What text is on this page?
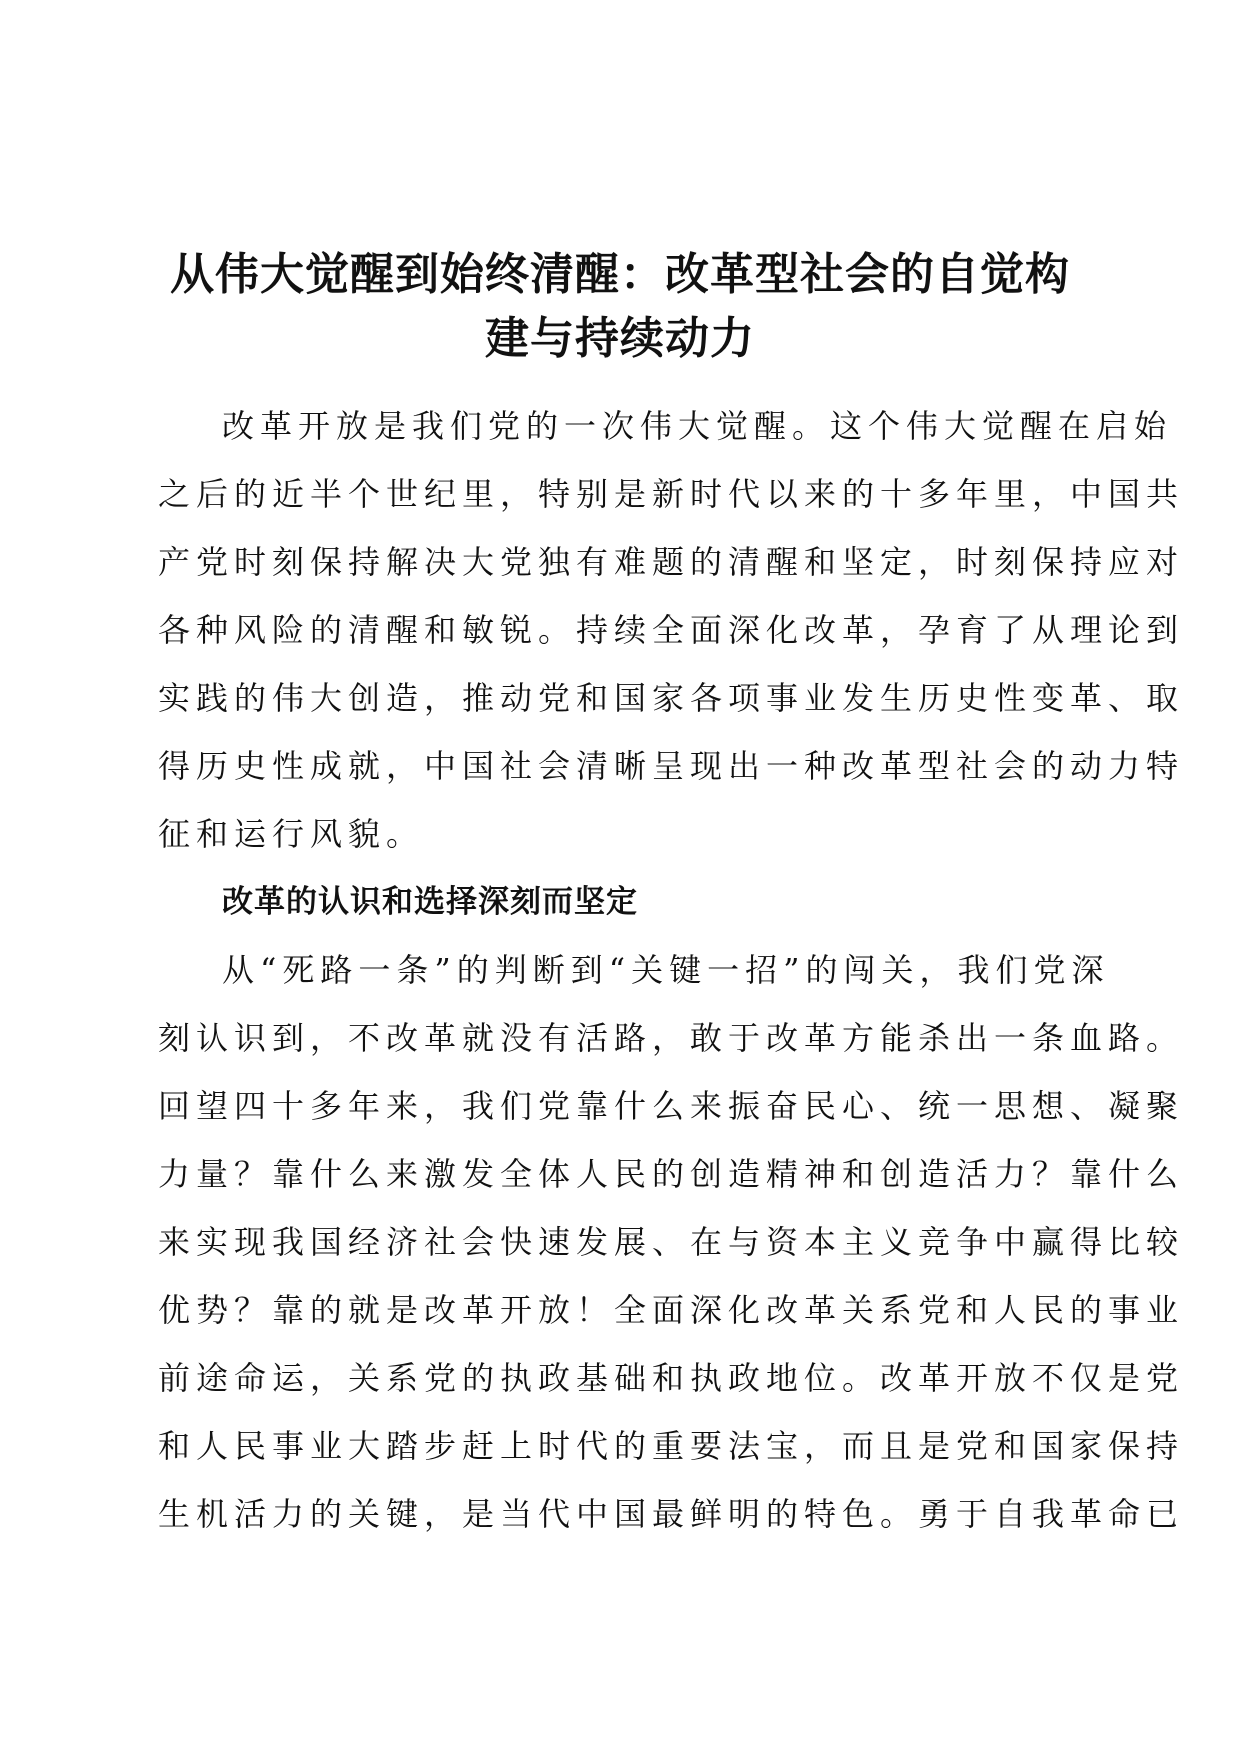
从伟大觉醒到始终清醒：改革型社会的自觉构
建与持续动力

改革开放是我们党的一次伟大觉醒。这个伟大觉醒在启始

之后的近半个世纪里，特别是新时代以来的十多年里，中国共

产党时刻保持解决大党独有难题的清醒和坚定，时刻保持应对

各种风险的清醒和敏锐。持续全面深化改革，孕育了从理论到

实践的伟大创造，推动党和国家各项事业发生历史性变革、取

得历史性成就，中国社会清晰呈现出一种改革型社会的动力特

征和运行风貌。

改革的认识和选择深刻而坚定

从“死路一条”的判断到“关键一招”的闯关，我们党深

刻认识到，不改革就没有活路，敢于改革方能杀出一条血路。

回望四十多年来，我们党靠什么来振奋民心、统一思想、凝聚

力量？靠什么来激发全体人民的创造精神和创造活力？靠什么

来实现我国经济社会快速发展、在与资本主义竞争中赢得比较

优势？靠的就是改革开放！全面深化改革关系党和人民的事业

前途命运，关系党的执政基础和执政地位。改革开放不仅是党

和人民事业大踏步赶上时代的重要法宝，而且是党和国家保持

生机活力的关键，是当代中国最鲜明的特色。勇于自我革命已
